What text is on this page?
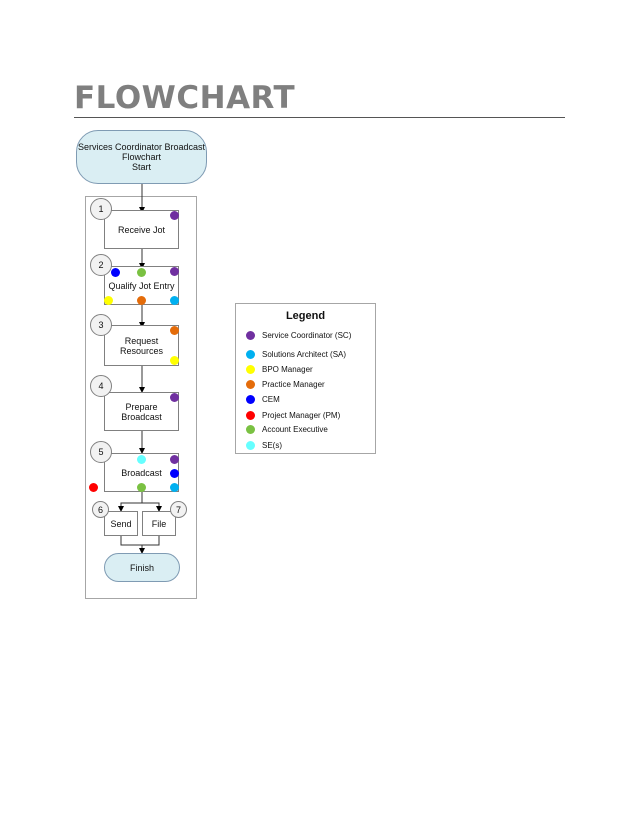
FLOWCHART
Services Coordinator Broadcast
Flowchart
Start
Receive Jot
1
Qualify Jot Entry
2
Request
Resources
3
Prepare Broadcast
4
Broadcast
5
Send
6
File
7
Finish
Legend
Service Coordinator (SC)
Solutions Architect (SA)
BPO Manager
Practice Manager
CEM
Project Manager (PM)
Account Executive
SE(s)
